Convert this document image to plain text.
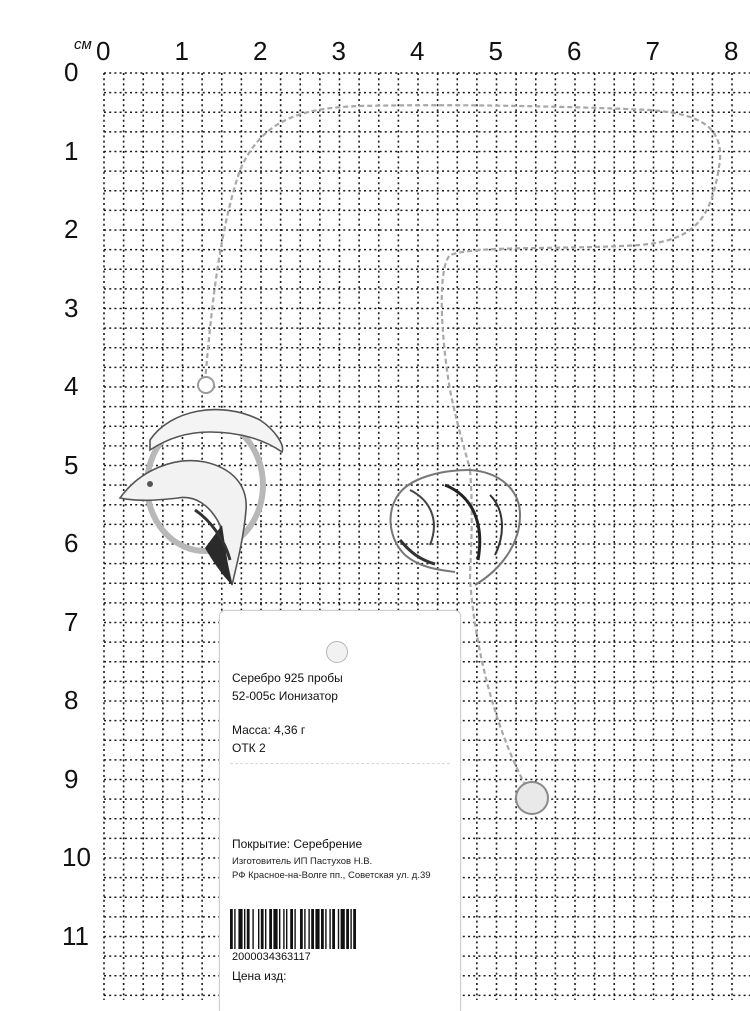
см 0 1 2 3 4 5 6 7 8
0
1
2
3
4
5
6
7
8
9
10
11
Серебро 925 пробы
52-005с Ионизатор
Масса: 4,36 г
ОТК 2
Покрытие: Серебрение
Изготовитель ИП Пастухов Н.В.
РФ Красное-на-Волге пп., Советская ул. д.39
2000034363117
Цена изд:
